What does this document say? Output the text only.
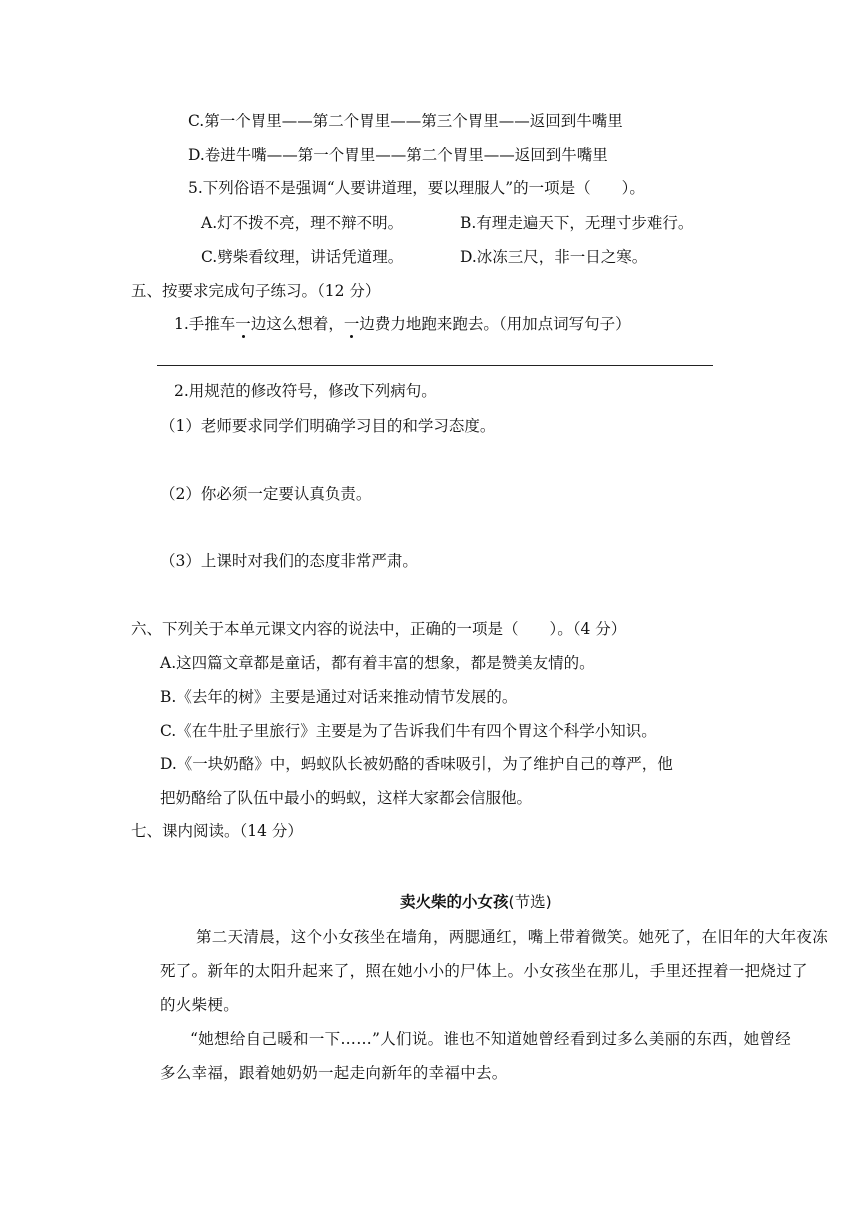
C.第一个胃里——第二个胃里——第三个胃里——返回到牛嘴里
D.卷进牛嘴——第一个胃里——第二个胃里——返回到牛嘴里
5.下列俗语不是强调“人要讲道理，要以理服人”的一项是（　　）。
A.灯不拨不亮，理不辩不明。	B.有理走遍天下，无理寸步难行。
C.劈柴看纹理，讲话凭道理。	D.冰冻三尺，非一日之寒。
五、按要求完成句子练习。（12 分）
1.手推车一边这么想着，一边费力地跑来跑去。（用加点词写句子）
2.用规范的修改符号，修改下列病句。
（1）老师要求同学们明确学习目的和学习态度。
（2）你必须一定要认真负责。
（3）上课时对我们的态度非常严肃。
六、下列关于本单元课文内容的说法中，正确的一项是（　　）。（4 分）
A.这四篇文章都是童话，都有着丰富的想象，都是赞美友情的。
B.《去年的树》主要是通过对话来推动情节发展的。
C.《在牛肚子里旅行》主要是为了告诉我们牛有四个胃这个科学小知识。
D.《一块奶酪》中，蚂蚁队长被奶酪的香味吸引，为了维护自己的尊严，他
把奶酪给了队伍中最小的蚂蚁，这样大家都会信服他。
七、课内阅读。（14 分）
卖火柴的小女孩(节选)
第二天清晨，这个小女孩坐在墙角，两腮通红，嘴上带着微笑。她死了，在旧年的大年夜冻
死了。新年的太阳升起来了，照在她小小的尸体上。小女孩坐在那儿，手里还捏着一把烧过了
的火柴梗。
“她想给自己暖和一下……”人们说。谁也不知道她曾经看到过多么美丽的东西，她曾经
多么幸福，跟着她奶奶一起走向新年的幸福中去。
